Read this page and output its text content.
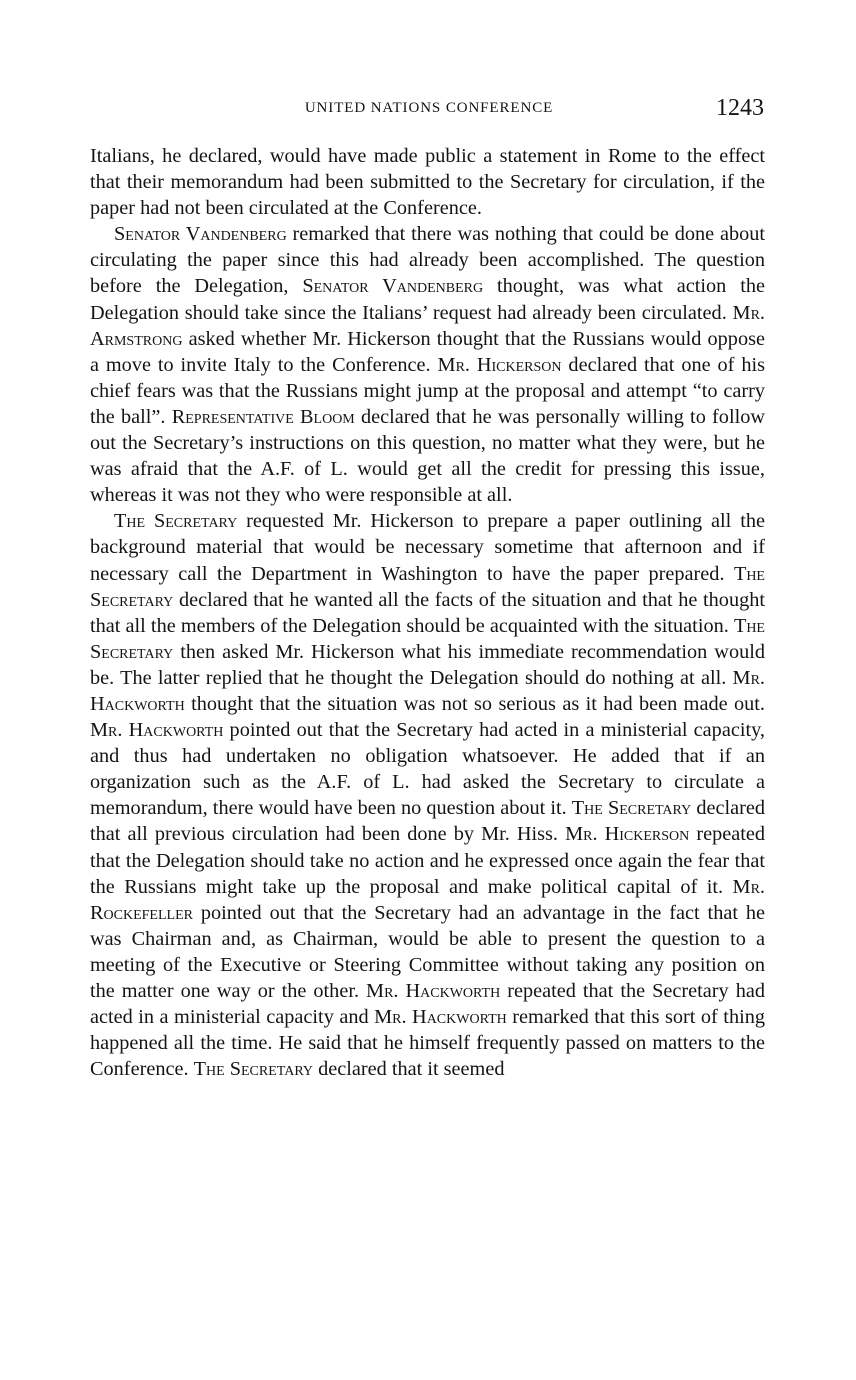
UNITED NATIONS CONFERENCE	1243

Italians, he declared, would have made public a statement in Rome to the effect that their memorandum had been submitted to the Secretary for circulation, if the paper had not been circulated at the Conference.

Senator Vandenberg remarked that there was nothing that could be done about circulating the paper since this had already been accomplished. The question before the Delegation, Senator Vandenberg thought, was what action the Delegation should take since the Italians’ request had already been circulated. Mr. Armstrong asked whether Mr. Hickerson thought that the Russians would oppose a move to invite Italy to the Conference. Mr. Hickerson declared that one of his chief fears was that the Russians might jump at the proposal and attempt “to carry the ball”. Representative Bloom declared that he was personally willing to follow out the Secretary’s instructions on this question, no matter what they were, but he was afraid that the A.F. of L. would get all the credit for pressing this issue, whereas it was not they who were responsible at all.

The Secretary requested Mr. Hickerson to prepare a paper outlining all the background material that would be necessary sometime that afternoon and if necessary call the Department in Washington to have the paper prepared. The Secretary declared that he wanted all the facts of the situation and that he thought that all the members of the Delegation should be acquainted with the situation. The Secretary then asked Mr. Hickerson what his immediate recommendation would be. The latter replied that he thought the Delegation should do nothing at all. Mr. Hackworth thought that the situation was not so serious as it had been made out. Mr. Hackworth pointed out that the Secretary had acted in a ministerial capacity, and thus had undertaken no obligation whatsoever. He added that if an organization such as the A.F. of L. had asked the Secretary to circulate a memorandum, there would have been no question about it. The Secretary declared that all previous circulation had been done by Mr. Hiss. Mr. Hickerson repeated that the Delegation should take no action and he expressed once again the fear that the Russians might take up the proposal and make political capital of it. Mr. Rockefeller pointed out that the Secretary had an advantage in the fact that he was Chairman and, as Chairman, would be able to present the question to a meeting of the Executive or Steering Committee without taking any position on the matter one way or the other. Mr. Hackworth repeated that the Secretary had acted in a ministerial capacity and Mr. Hackworth remarked that this sort of thing happened all the time. He said that he himself frequently passed on matters to the Conference. The Secretary declared that it seemed
